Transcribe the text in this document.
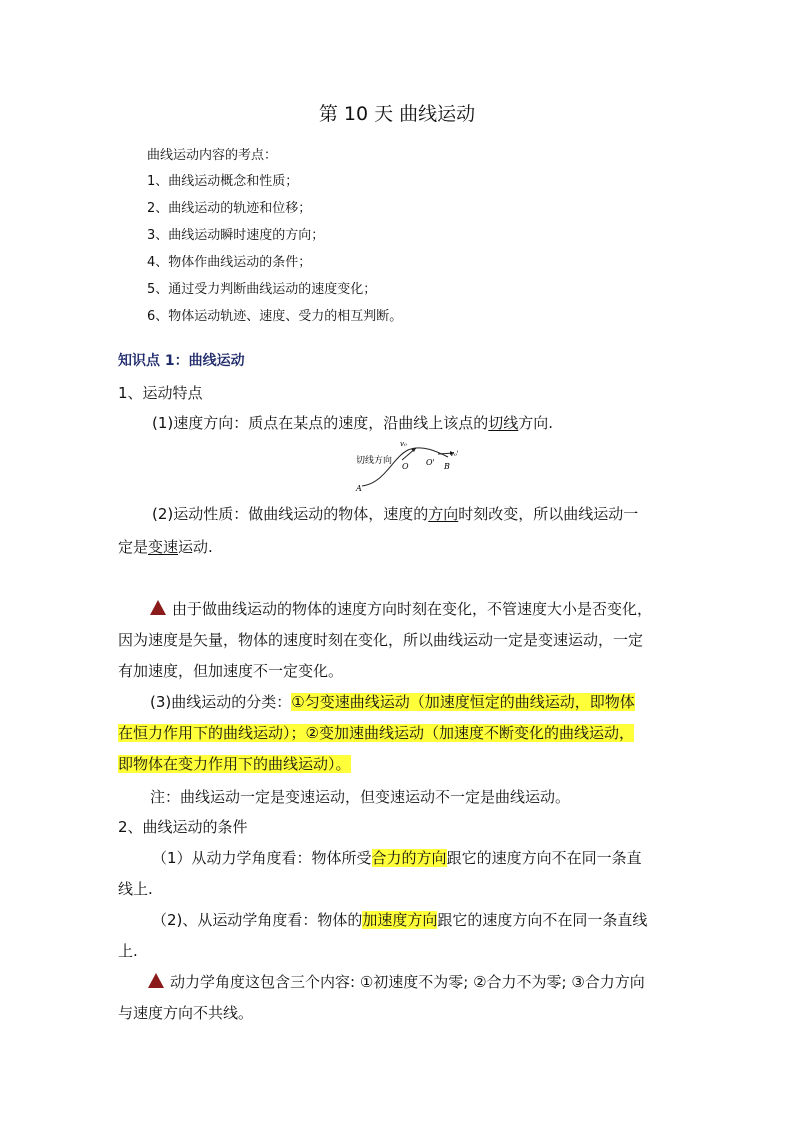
第 10 天 曲线运动
曲线运动内容的考点：
1、曲线运动概念和性质；
2、曲线运动的轨迹和位移；
3、曲线运动瞬时速度的方向；
4、物体作曲线运动的条件；
5、通过受力判断曲线运动的速度变化；
6、物体运动轨迹、速度、受力的相互判断。
知识点 1：曲线运动
1、运动特点
(1)速度方向：质点在某点的速度，沿曲线上该点的切线方向.
切线方向
v₀
v₀'
O O'
A
B
(2)运动性质：做曲线运动的物体，速度的方向时刻改变，所以曲线运动一
定是变速运动.
由于做曲线运动的物体的速度方向时刻在变化，不管速度大小是否变化，
因为速度是矢量，物体的速度时刻在变化，所以曲线运动一定是变速运动，一定
有加速度，但加速度不一定变化。
(3)曲线运动的分类：①匀变速曲线运动（加速度恒定的曲线运动，即物体
在恒力作用下的曲线运动）；②变加速曲线运动（加速度不断变化的曲线运动，
即物体在变力作用下的曲线运动）。
注：曲线运动一定是变速运动，但变速运动不一定是曲线运动。
2、曲线运动的条件
（1）从动力学角度看：物体所受合力的方向跟它的速度方向不在同一条直
线上.
（2)、从运动学角度看：物体的加速度方向跟它的速度方向不在同一条直线
上.
动力学角度这包含三个内容: ①初速度不为零; ②合力不为零; ③合力方向
与速度方向不共线。
